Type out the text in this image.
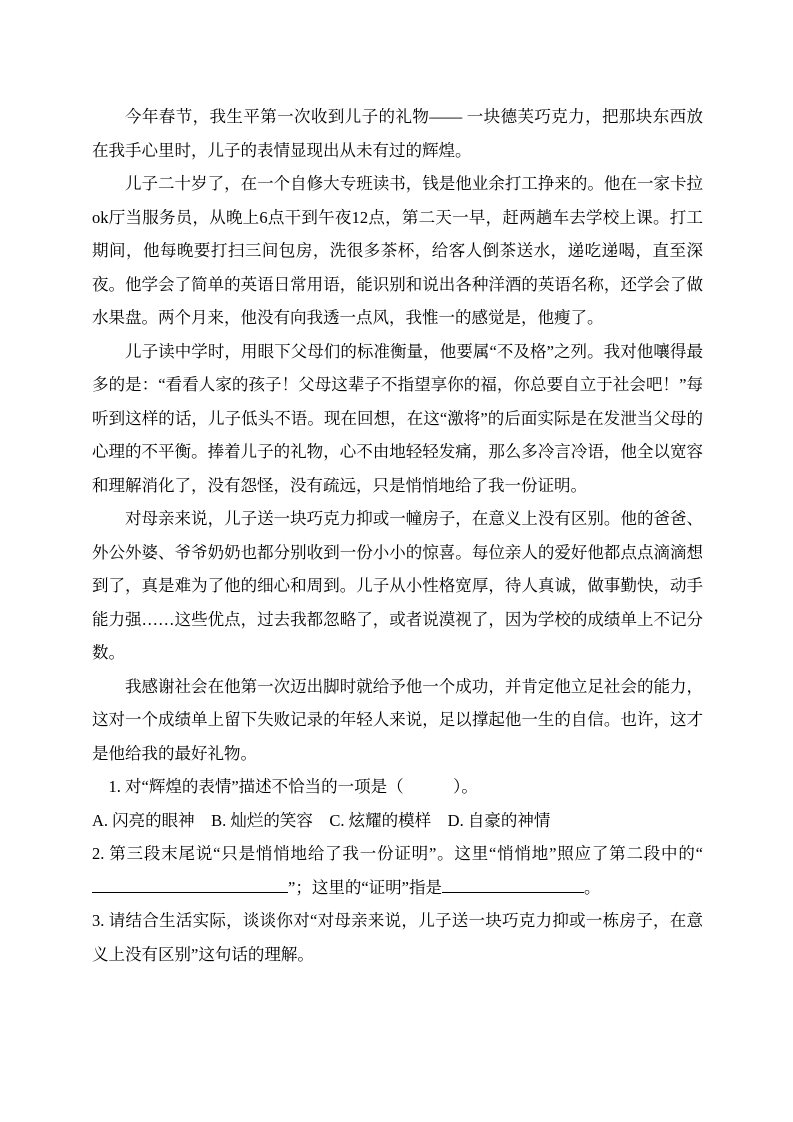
今年春节，我生平第一次收到儿子的礼物—— 一块德芙巧克力，把那块东西放在我手心里时，儿子的表情显现出从未有过的辉煌。

儿子二十岁了，在一个自修大专班读书，钱是他业余打工挣来的。他在一家卡拉ok厅当服务员，从晚上6点干到午夜12点，第二天一早，赶两趟车去学校上课。打工期间，他每晚要打扫三间包房，洗很多茶杯，给客人倒茶送水，递吃递喝，直至深夜。他学会了简单的英语日常用语，能识别和说出各种洋酒的英语名称，还学会了做水果盘。两个月来，他没有向我透一点风，我惟一的感觉是，他瘦了。

儿子读中学时，用眼下父母们的标准衡量，他要属“不及格”之列。我对他嚷得最多的是：“看看人家的孩子！父母这辈子不指望享你的福，你总要自立于社会吧！”每听到这样的话，儿子低头不语。现在回想，在这“激将”的后面实际是在发泄当父母的心理的不平衡。捧着儿子的礼物，心不由地轻轻发痛，那么多冷言冷语，他全以宽容和理解消化了，没有怨怪，没有疏远，只是悄悄地给了我一份证明。

对母亲来说，儿子送一块巧克力抑或一幢房子，在意义上没有区别。他的爸爸、外公外婆、爷爷奶奶也都分别收到一份小小的惊喜。每位亲人的爱好他都点点滴滴想到了，真是难为了他的细心和周到。儿子从小性格宽厚，待人真诚，做事勤快，动手能力强……这些优点，过去我都忽略了，或者说漠视了，因为学校的成绩单上不记分数。

我感谢社会在他第一次迈出脚时就给予他一个成功，并肯定他立足社会的能力，这对一个成绩单上留下失败记录的年轻人来说，足以撑起他一生的自信。也许，这才是他给我的最好礼物。

1. 对“辉煌的表情”描述不恰当的一项是（　　　）。

A. 闪亮的眼神　B. 灿烂的笑容　C. 炫耀的模样　D. 自豪的神情

2. 第三段末尾说“只是悄悄地给了我一份证明”。这里“悄悄地”照应了第二段中的“”；这里的“证明”指是	。

3. 请结合生活实际，谈谈你对“对母亲来说，儿子送一块巧克力抑或一栋房子，在意义上没有区别”这句话的理解。
